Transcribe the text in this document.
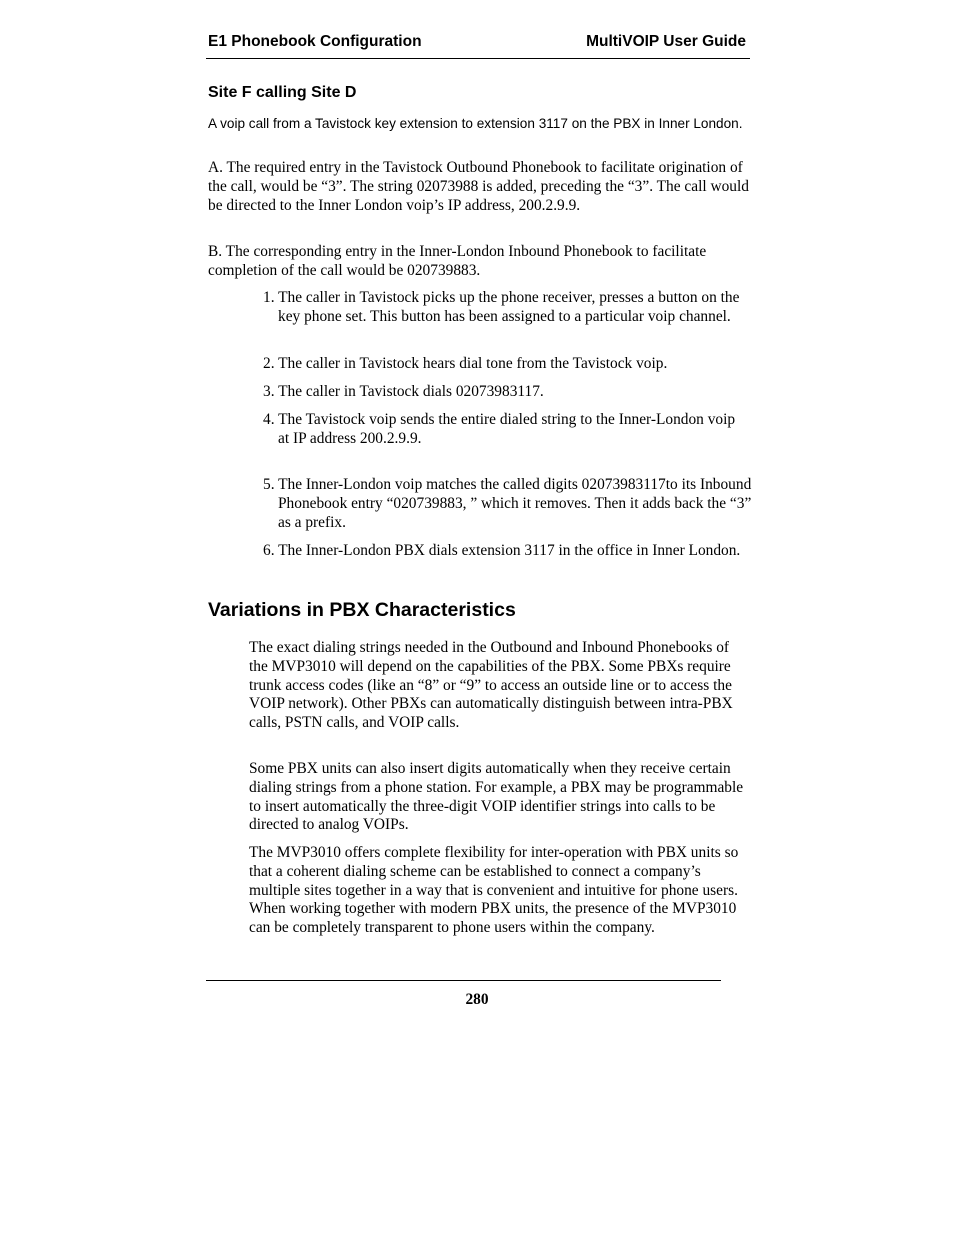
E1 Phonebook Configuration	MultiVOIP User Guide
Site F calling Site D
A voip call from a Tavistock key extension to extension 3117 on the PBX in Inner London.
A. The required entry in the Tavistock Outbound Phonebook to facilitate origination of the call, would be “3”. The string 02073988 is added, preceding the “3”. The call would be directed to the Inner London voip’s IP address, 200.2.9.9.
B. The corresponding entry in the Inner-London Inbound Phonebook to facilitate completion of the call would be 020739883.
1. The caller in Tavistock picks up the phone receiver, presses a button on the key phone set. This button has been assigned to a particular voip channel.
2. The caller in Tavistock hears dial tone from the Tavistock voip.
3. The caller in Tavistock dials 02073983117.
4. The Tavistock voip sends the entire dialed string to the Inner-London voip
at IP address 200.2.9.9.
5. The Inner-London voip matches the called digits 02073983117to its Inbound Phonebook entry “020739883, ” which it removes. Then it adds back the “3” as a prefix.
6. The Inner-London PBX dials extension 3117 in the office in Inner London.
Variations in PBX Characteristics
The exact dialing strings needed in the Outbound and Inbound Phonebooks of the MVP3010 will depend on the capabilities of the PBX. Some PBXs require trunk access codes (like an “8” or “9” to access an outside line or to access the VOIP network). Other PBXs can automatically distinguish between intra-PBX calls, PSTN calls, and VOIP calls.
Some PBX units can also insert digits automatically when they receive certain dialing strings from a phone station. For example, a PBX may be programmable to insert automatically the three-digit VOIP identifier strings into calls to be directed to analog VOIPs.
The MVP3010 offers complete flexibility for inter-operation with PBX units so that a coherent dialing scheme can be established to connect a company’s multiple sites together in a way that is convenient and intuitive for phone users. When working together with modern PBX units, the presence of the MVP3010 can be completely transparent to phone users within the company.
280
